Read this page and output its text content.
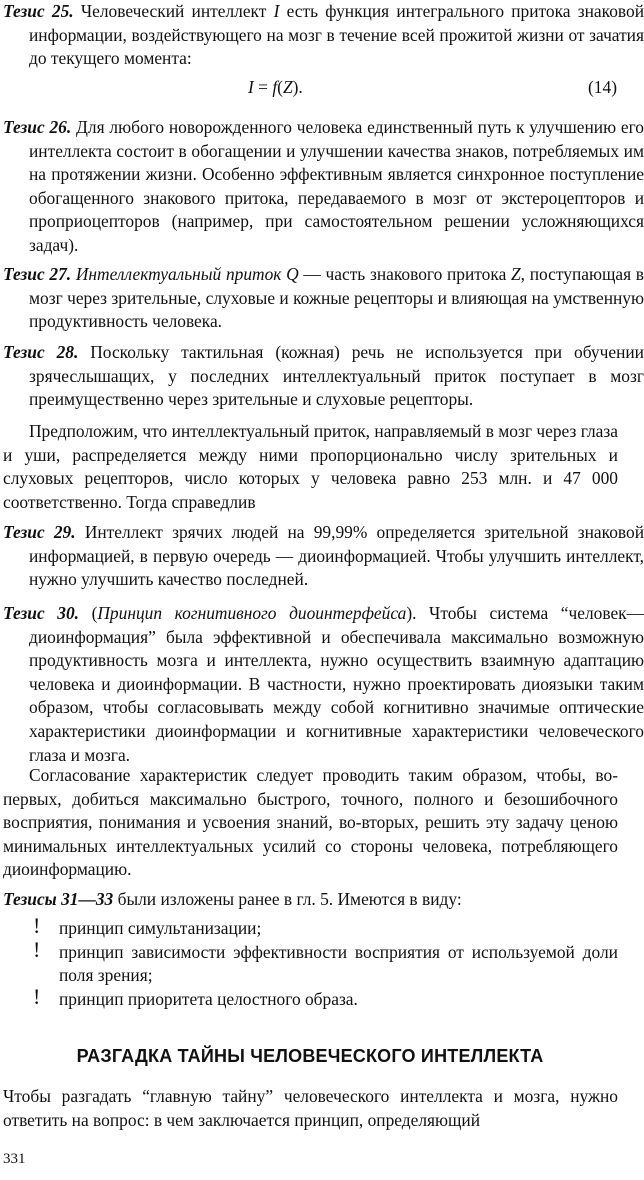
Тезис 25. Человеческий интеллект I есть функция интегрального притока знаковой информации, воздействующего на мозг в течение всей прожитой жизни от зачатия до текущего момента:
I = f(Z).	(14)
Тезис 26. Для любого новорожденного человека единственный путь к улучшению его интеллекта состоит в обогащении и улучшении качества знаков, потребляемых им на протяжении жизни. Особенно эффективным является синхронное поступление обогащенного знакового притока, передаваемого в мозг от экстероцепторов и проприоцепторов (например, при самостоятельном решении усложняющихся задач).
Тезис 27. Интеллектуальный приток Q — часть знакового притока Z, поступающая в мозг через зрительные, слуховые и кожные рецепторы и влияющая на умственную продуктивность человека.
Тезис 28. Поскольку тактильная (кожная) речь не используется при обучении зрячеслышащих, у последних интеллектуальный приток поступает в мозг преимущественно через зрительные и слуховые рецепторы.
Предположим, что интеллектуальный приток, направляемый в мозг через глаза и уши, распределяется между ними пропорционально числу зрительных и слуховых рецепторов, число которых у человека равно 253 млн. и 47 000 соответственно. Тогда справедлив
Тезис 29. Интеллект зрячих людей на 99,99% определяется зрительной знаковой информацией, в первую очередь — диоинформацией. Чтобы улучшить интеллект, нужно улучшить качество последней.
Тезис 30. (Принцип когнитивного диоинтерфейса). Чтобы система “человек—диоинформация” была эффективной и обеспечивала максимально возможную продуктивность мозга и интеллекта, нужно осуществить взаимную адаптацию человека и диоинформации. В частности, нужно проектировать диоязыки таким образом, чтобы согласовывать между собой когнитивно значимые оптические характеристики диоинформации и когнитивные характеристики человеческого глаза и мозга.
Согласование характеристик следует проводить таким образом, чтобы, во-первых, добиться максимально быстрого, точного, полного и безошибочного восприятия, понимания и усвоения знаний, во-вторых, решить эту задачу ценою минимальных интеллектуальных усилий со стороны человека, потребляющего диоинформацию.
Тезисы 31—33 были изложены ранее в гл. 5. Имеются в виду:
! принцип симультанизации;
! принцип зависимости эффективности восприятия от используемой доли поля зрения;
! принцип приоритета целостного образа.
РАЗГАДКА ТАЙНЫ ЧЕЛОВЕЧЕСКОГО ИНТЕЛЛЕКТА
Чтобы разгадать “главную тайну” человеческого интеллекта и мозга, нужно ответить на вопрос: в чем заключается принцип, определяющий
331
